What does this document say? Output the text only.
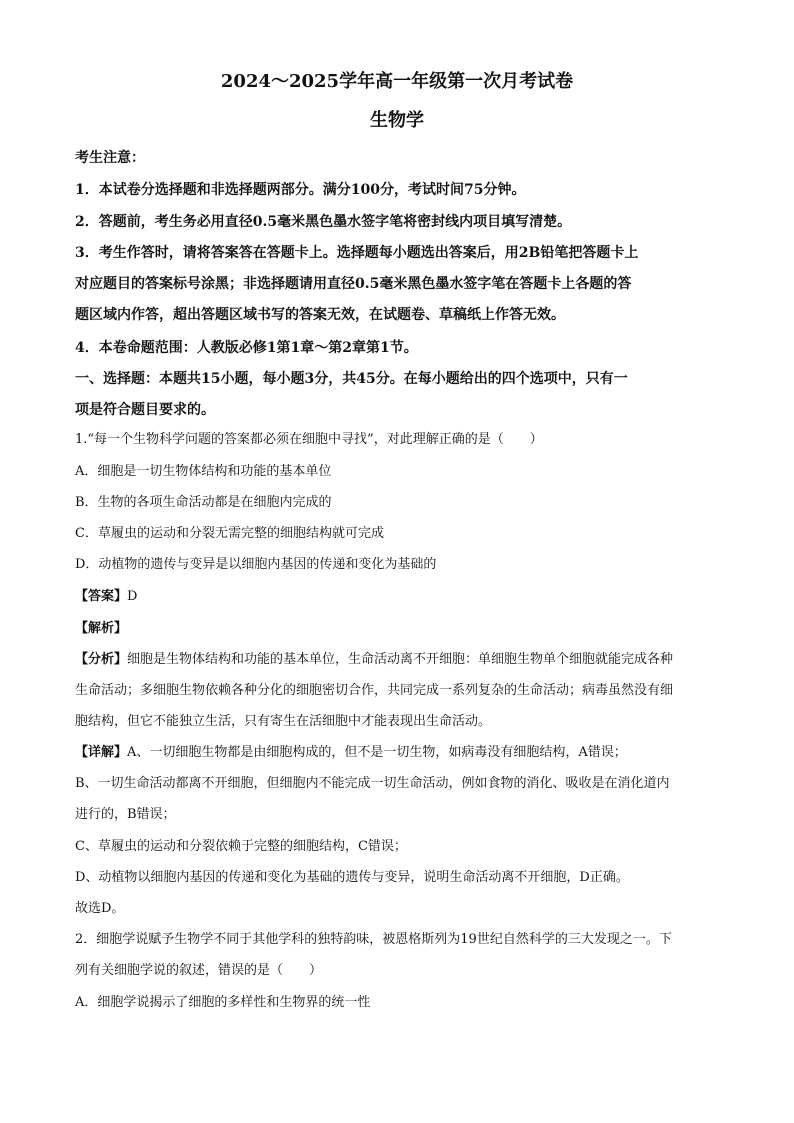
2024～2025学年高一年级第一次月考试卷
生物学
考生注意：
1．本试卷分选择题和非选择题两部分。满分100分，考试时间75分钟。
2．答题前，考生务必用直径0.5毫米黑色墨水签字笔将密封线内项目填写清楚。
3．考生作答时，请将答案答在答题卡上。选择题每小题选出答案后，用2B铅笔把答题卡上
对应题目的答案标号涂黑；非选择题请用直径0.5毫米黑色墨水签字笔在答题卡上各题的答
题区域内作答，超出答题区域书写的答案无效，在试题卷、草稿纸上作答无效。
4．本卷命题范围：人教版必修1第1章～第2章第1节。
一、选择题：本题共15小题，每小题3分，共45分。在每小题给出的四个选项中，只有一
项是符合题目要求的。
1.“每一个生物科学问题的答案都必须在细胞中寻找”，对此理解正确的是（　　）
A．细胞是一切生物体结构和功能的基本单位
B．生物的各项生命活动都是在细胞内完成的
C．草履虫的运动和分裂无需完整的细胞结构就可完成
D．动植物的遗传与变异是以细胞内基因的传递和变化为基础的
【答案】D
【解析】
【分析】细胞是生物体结构和功能的基本单位，生命活动离不开细胞：单细胞生物单个细胞就能完成各种
生命活动；多细胞生物依赖各种分化的细胞密切合作，共同完成一系列复杂的生命活动；病毒虽然没有细
胞结构，但它不能独立生活，只有寄生在活细胞中才能表现出生命活动。
【详解】A、一切细胞生物都是由细胞构成的，但不是一切生物，如病毒没有细胞结构，A错误；
B、一切生命活动都离不开细胞，但细胞内不能完成一切生命活动，例如食物的消化、吸收是在消化道内
进行的，B错误；
C、草履虫的运动和分裂依赖于完整的细胞结构，C错误；
D、动植物以细胞内基因的传递和变化为基础的遗传与变异，说明生命活动离不开细胞，D正确。
故选D。
2．细胞学说赋予生物学不同于其他学科的独特韵味，被恩格斯列为19世纪自然科学的三大发现之一。下
列有关细胞学说的叙述，错误的是（　　）
A．细胞学说揭示了细胞的多样性和生物界的统一性
